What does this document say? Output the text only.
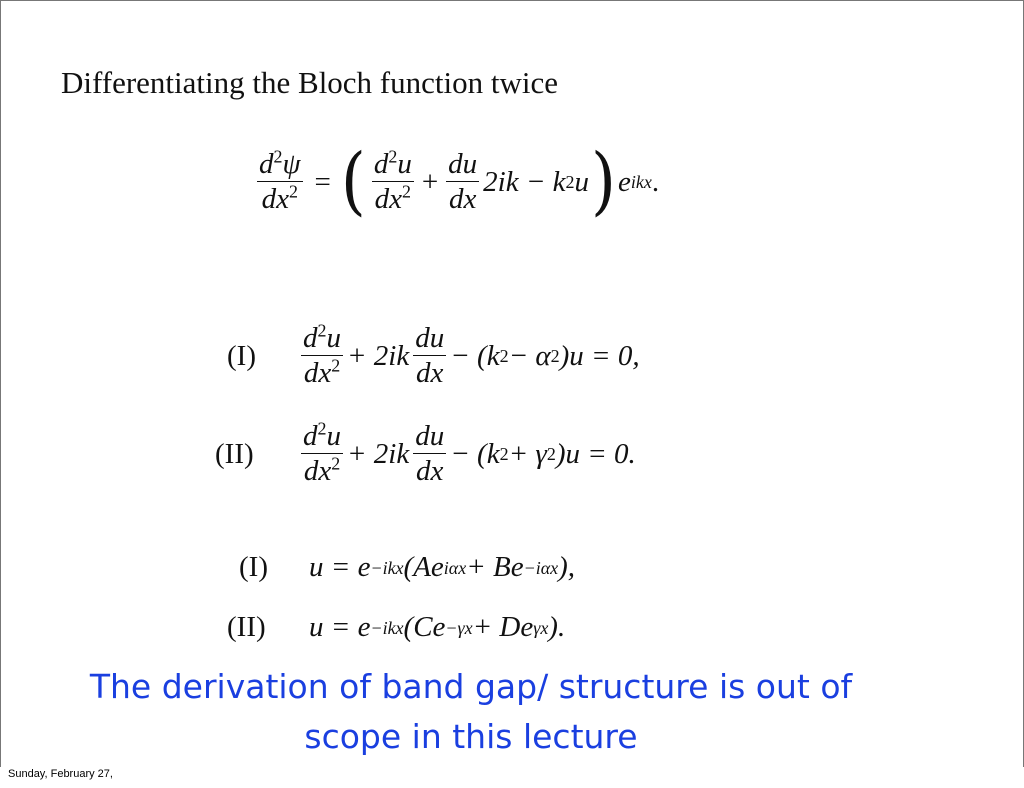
Differentiating the Bloch function twice
$\frac{d^2\psi}{dx^2}$ = ( $\frac{d^2u}{dx^2} + \frac{du}{dx} 2ik - k$ 2 u ) e ikx .
(I)	$\frac{d^2u}{dx^2} + 2ik \frac{du}{dx} - (k$ 2 − α 2 )u = 0,
(II)	$\frac{d^2u}{dx^2} + 2ik \frac{du}{dx} - (k$ 2 + γ 2 )u = 0.
(I)	u = e −ikx (Ae iαx + Be −iαx ),
(II)	u = e −ikx (Ce −γx + De γx ).
The derivation of band gap/ structure is out of
scope in this lecture
Sunday, February 27,
